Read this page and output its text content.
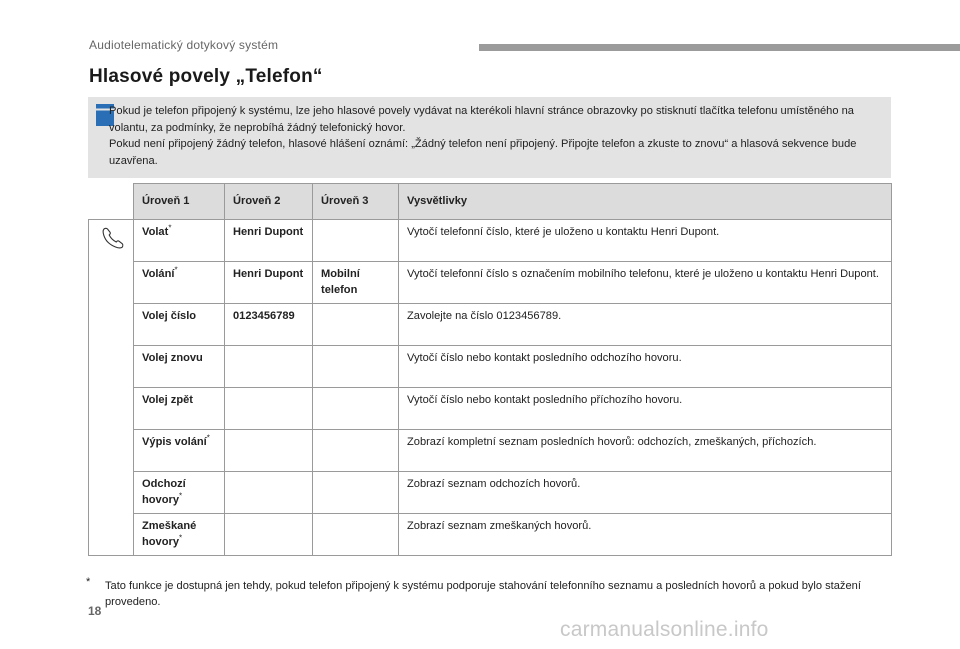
Audiotelematický dotykový systém
Hlasové povely „Telefon“
Pokud je telefon připojený k systému, lze jeho hlasové povely vydávat na kterékoli hlavní stránce obrazovky po stisknutí tlačítka telefonu umístěného na volantu, za podmínky, že neprobíhá žádný telefonický hovor.
Pokud není připojený žádný telefon, hlasové hlášení oznámí: „Žádný telefon není připojený. Připojte telefon a zkuste to znovu“ a hlasová sekvence bude uzavřena.
	Úroveň 1	Úroveň 2	Úroveň 3	Vysvětlivky

	Volat*	Henri Dupont		Vytočí telefonní číslo, které je uloženo u kontaktu Henri Dupont.
	Volání*	Henri Dupont	Mobilní telefon	Vytočí telefonní číslo s označením mobilního telefonu, které je uloženo u kontaktu Henri Dupont.
	Volej číslo	0123456789		Zavolejte na číslo 0123456789.
	Volej znovu			Vytočí číslo nebo kontakt posledního odchozího hovoru.
	Volej zpět			Vytočí číslo nebo kontakt posledního příchozího hovoru.
	Výpis volání*			Zobrazí kompletní seznam posledních hovorů: odchozích, zmeškaných, příchozích.
	Odchozí hovory*			Zobrazí seznam odchozích hovorů.
	Zmeškané hovory*			Zobrazí seznam zmeškaných hovorů.
* Tato funkce je dostupná jen tehdy, pokud telefon připojený k systému podporuje stahování telefonního seznamu a posledních hovorů a pokud bylo stažení provedeno.
18
carmanualsonline.info
